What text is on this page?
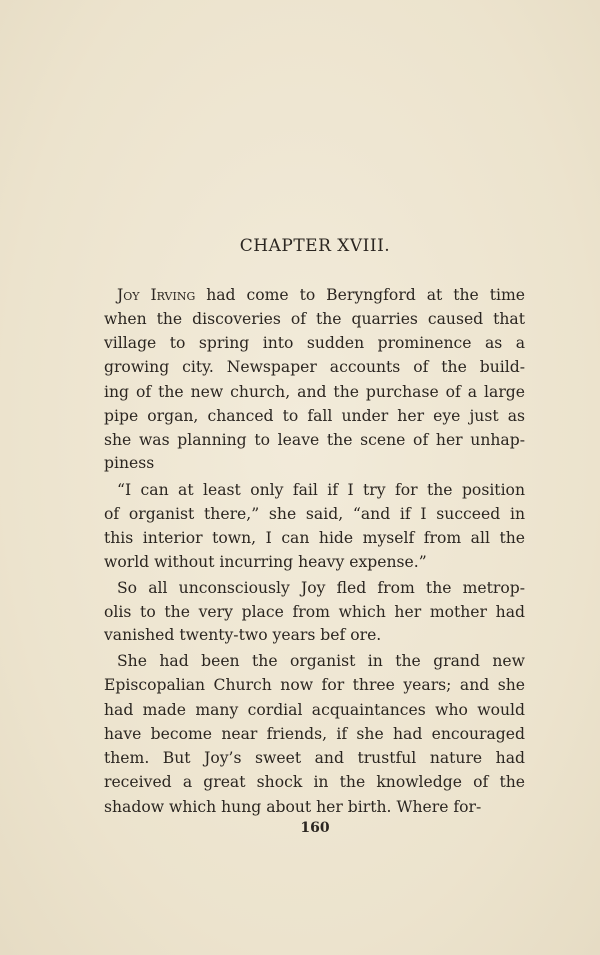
CHAPTER XVIII.
Joy Irving had come to Beryngford at the time
when the discoveries of the quarries caused that
village to spring into sudden prominence as a
growing city. Newspaper accounts of the build-
ing of the new church, and the purchase of a large
pipe organ, chanced to fall under her eye just as
she was planning to leave the scene of her unhap-
piness
“I can at least only fail if I try for the position
of organist there,” she said, “and if I succeed in
this interior town, I can hide myself from all the
world without incurring heavy expense.”
So all unconsciously Joy fled from the metrop-
olis to the very place from which her mother had
vanished twenty-two years bef ore.
She had been the organist in the grand new
Episcopalian Church now for three years; and she
had made many cordial acquaintances who would
have become near friends, if she had encouraged
them. But Joy’s sweet and trustful nature had
received a great shock in the knowledge of the
shadow which hung about her birth. Where for-
160
